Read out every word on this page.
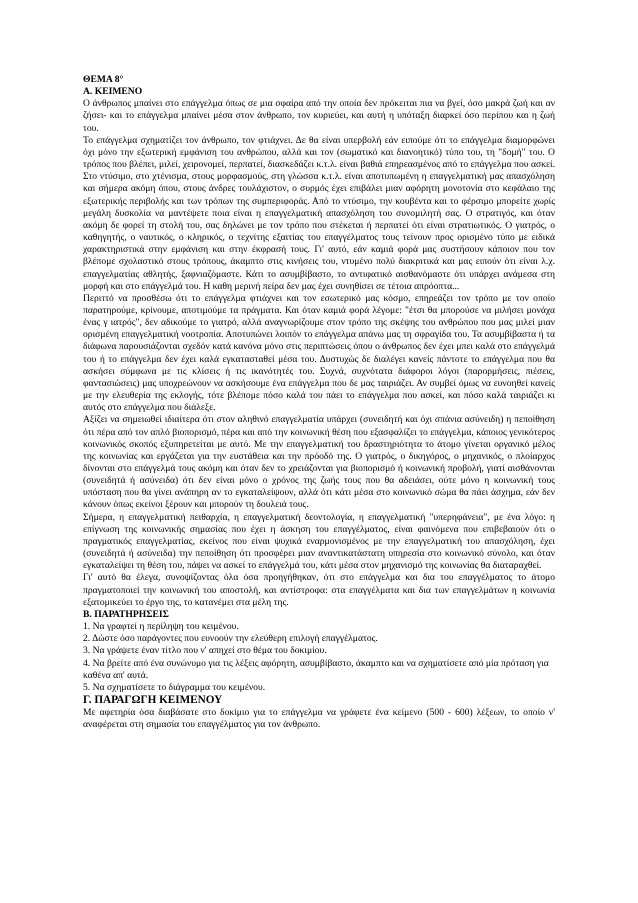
ΘΕΜΑ 8°
Α. ΚΕΙΜΕΝΟ

Ο άνθρωπος μπαίνει στο επάγγελμα όπως σε μια σφαίρα από την οποία δεν πρόκειται πια να βγεί, όσο μακρά ζωή και αν ζήσει- και το επάγγελμα μπαίνει μέσα στον άνθρωπο, τον κυριεύει, και αυτή η υπόταξη διαρκεί όσο περίπου και η ζωή του.

Το επάγγελμα σχηματίζει τον άνθρωπο, τον φτιάχνει. Δε θα είναι υπερβολή εάν ειπούμε ότι το επάγγελμα διαμορφώνει όχι μόνο την εξωτερική εμφάνιση του ανθρώπου, αλλά και τον (σωματικό και διανοητικό) τύπο του, τη "δομή" του. Ο τρόπος που βλέπει, μιλεί, χειρονομεί, περπατεί, διασκεδάζει κ.τ.λ. είναι βαθιά επηρεασμένος από το επάγγελμα που ασκεί. Στο ντύσιμο, στο χτένισμα, στους μορφασμούς, στη γλώσσα κ.τ.λ. είναι αποτυπωμένη η επαγγελματική μας απασχόληση και σήμερα ακόμη όπου, στους άνδρες τουλάχιστον, ο συρμός έχει επιβάλει μιαν αφόρητη μονοτονία στο κεφάλαιο της εξωτερικής περιβολής και των τρόπων της συμπεριφοράς. Από το ντύσιμο, την κουβέντα και το φέρσιμο μπορείτε χωρίς μεγάλη δυσκολία να μαντέψετε ποια είναι η επαγγελματική απασχόληση του συνομιλητή σας. Ο στρατιγός, και όταν ακόμη δε φορεί τη στολή του, σας δηλώνει με τον τρόπο που στέκεται ή περπατεί ότι είναι στρατιωτικός. Ο γιατρός, ο καθηγητής, ο ναυτικός, ο κληρικός, ο τεχνίτης εξαιτίας του επαγγέλματος τους τείνουν προς ορισμένο τύπο με ειδικά χαρακτηριστικά στην εμφάνιση και στην έκφρασή τους. Γι' αυτό, εάν καμιά φορά μας συστήσουν κάποιον που τον βλέπομε σχολαστικό στους τρόπους, άκαμπτο στις κινήσεις του, ντυμένο πολύ διακριτικά και μας ειπούν ότι είναι λ.χ. επαγγελματίας αθλητής, ξαφνιαζόμαστε. Κάτι το ασυμβίβαστο, το αντιφατικό αισθανόμαστε ότι υπάρχει ανάμεσα στη μορφή και στο επάγγελμά του. Η καθη μερινή πείρα δεν μας έχει συνηθίσει σε τέτοια απρόοπτα...

Περιττό να προσθέσω ότι το επάγγελμα φτιάχνει και τον εσωτερικό μας κόσμο, επηρεάζει τον τρόπο με τον οποίο παρατηρούμε, κρίνουμε, αποτιμούμε τα πράγματα. Και όταν καμιά φορά λέγομε: "έτσι θα μπορούσε να μιλήσει μονάχα ένας γ ιατρός", δεν αδικούμε το γιατρό, αλλά αναγνωρίζουμε στον τρόπο της σκέψης του ανθρώπου που μας μιλεί μιαν ορισμένη επαγγελματική νοοτροπία. Αποτυπώνει λοιπόν το επάγγελμα απάνω μας τη σφραγίδα του. Τα ασυμβίβαστα ή τα διάφωνα παρουσιάζονται σχεδόν κατά κανόνα μόνο στις περιπτώσεις όπου ο άνθρωπος δεν έχει μπει καλά στο επάγγελμά του ή το επάγγελμα δεν έχει καλά εγκατασταθεί μέσα του. Δυστυχώς δε διαλέγει κανείς πάντοτε το επάγγελμα που θα ασκήσει σύμφωνα με τις κλίσεις ή τις ικανότητές του. Συχνά, συχνότατα διάφοροι λόγοι (παρορμήσεις, πιέσεις, φαντασιώσεις) μας υποχρεώνουν να ασκήσουμε ένα επάγγελμα που δε μας ταιριάζει. Αν συμβεί όμως να ευνοηθεί κανείς με την ελευθερία της εκλογής, τότε βλέπομε πόσο καλά του πάει το επάγγελμα που ασκεί, και πόσο καλά ταιριάζει κι αυτός στο επάγγελμα που διάλεξε.

Αξίζει να σημειωθεί ιδιαίτερα ότι στον αληθινό επαγγελματία υπάρχει (συνειδητή και όχι σπάνια ασύνειδη) η πεποίθηση ότι πέρα από τον απλό βιοπορισμό, πέρα και από την κοινωνική θέση που εξασφαλίζει το επάγγελμα, κάποιος γενικότερος κοινωνικός σκοπός εξυπηρετείται με αυτό. Με την επαγγελματική του δραστηριότητα το άτομο γίνεται οργανικό μέλος της κοινωνίας και εργάζεται για την ευστάθεια και την πρόοδό της. Ο γιατρός, ο δικηγόρος, ο μηχανικός, ο πλοίαρχος δίνονται στο επάγγελμά τους ακόμη και όταν δεν το χρειάζονται για βιοπορισμό ή κοινωνική προβολή, γιατί αισθάνονται (συνειδητά ή ασύνειδα) ότι δεν είναι μόνο ο χρόνος της ζωής τους που θα αδειάσει, ούτε μόνο η κοινωνική τους υπόσταση που θα γίνει ανάπηρη αν το εγκαταλείψουν, αλλά ότι κάτι μέσα στο κοινωνικό σώμα θα πάει άσχημα, εάν δεν κάνουν όπως εκείνοι ξέρουν και μπορούν τη δουλειά τους.

Σήμερα, η επαγγελματική πειθαρχία, η επαγγελματική δεοντολογία, η επαγγελματική "υπερηφάνεια", με ένα λόγο: η επίγνωση της κοινωνικής σημασίας που έχει η άσκηση του επαγγέλματος, είναι φαινόμενα που επιβεβαιούν ότι ο πραγματικός επαγγελματίας, εκείνος που είναι ψυχικά εναρμονισμένος με την επαγγελματική του απασχόληση, έχει (συνειδητά ή ασύνειδα) την πεποίθηση ότι προσφέρει μιαν αναντικατάστατη υπηρεσία στο κοινωνικό σύνολο, και όταν εγκαταλείψει τη θέση του, πάψει να ασκεί το επάγγελμά του, κάτι μέσα στον μηχανισμό της κοινωνίας θα διαταραχθεί.

Γι' αυτό θα έλεγα, συνοψίζοντας όλα όσα προηγήθηκαν, ότι στο επάγγελμα και δια του επαγγέλματος το άτομο πραγματοποιεί την κοινωνική του αποστολή, και αντίστροφα: στα επαγγέλματα και δια των επαγγελμάτων η κοινωνία εξατομικεύει το έργο της, το κατανέμει στα μέλη της.

Β. ΠΑΡΑΤΗΡΗΣΕΙΣ
1. Να γραφτεί η περίληψη του κειμένου.
2. Δώστε όσο παράγοντες που ευνοούν την ελεύθερη επιλογή επαγγέλματος.
3. Να γράψετε έναν τίτλο που ν' απηχεί στο θέμα του δοκιμίου.
4. Να βρείτε από ένα συνώνυμο για τις λέξεις αφόρητη, ασυμβίβαστο, άκαμπτο και να σχηματίσετε από μία πρόταση για καθένα απ' αυτά.
5. Να σχηματίσετε το διάγραμμα του κειμένου.
Γ. ΠΑΡΑΓΩΓΗ ΚΕΙΜΕΝΟΥ

Με αφετηρία όσα διαβάσατε στο δοκίμιο για το επάγγελμα να γράφετε ένα κείμενο (500 - 600) λέξεων, το οποίο ν' αναφέρεται στη σημασία του επαγγέλματος για τον άνθρωπο.
